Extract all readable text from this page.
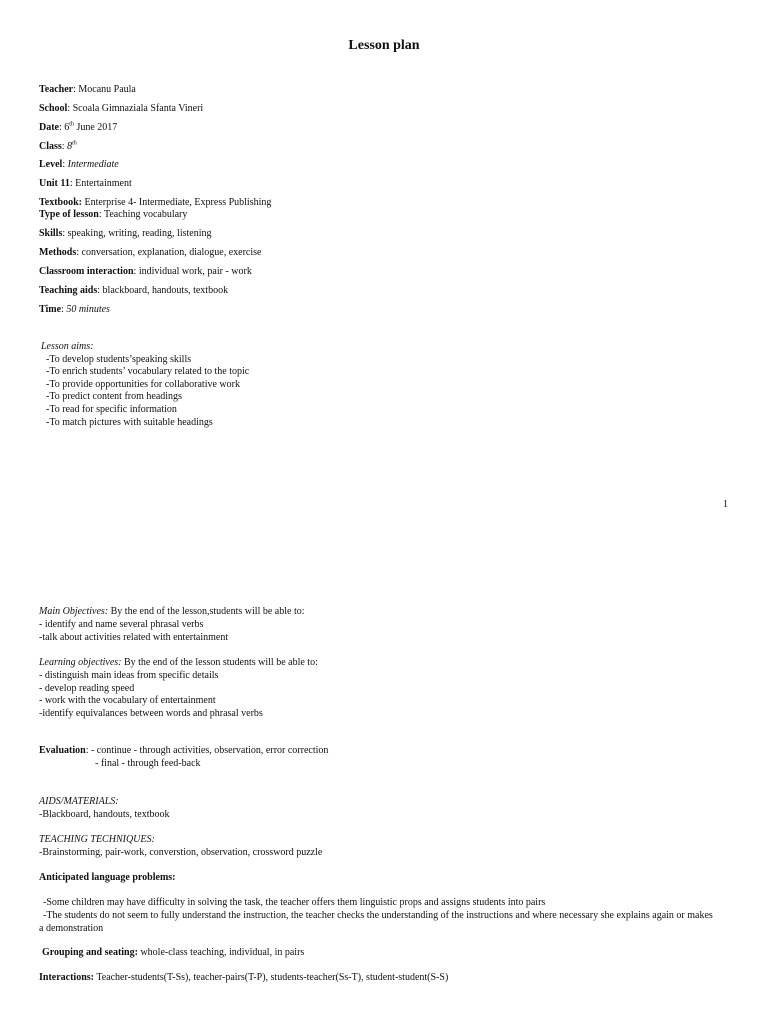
Lesson plan
Teacher: Mocanu Paula
School: Scoala Gimnaziala Sfanta Vineri
Date: 6th June 2017
Class: 8th
Level: Intermediate
Unit 11: Entertainment
Textbook: Enterprise 4- Intermediate, Express Publishing
Type of lesson: Teaching vocabulary
Skills: speaking, writing, reading, listening
Methods: conversation, explanation, dialogue, exercise
Classroom interaction: individual work, pair - work
Teaching aids: blackboard, handouts, textbook
Time: 50 minutes
Lesson aims:
-To develop students’speaking skills
-To enrich students’ vocabulary related to the topic
-To provide opportunities for collaborative work
-To predict content from headings
-To read for specific information
-To match pictures with suitable headings
1
Main Objectives: By the end of the lesson,students will be able to:
- identify and name several phrasal verbs
-talk about activities related with entertainment
Learning objectives: By the end of the lesson students will be able to:
- distinguish main ideas from specific details
- develop reading speed
- work with the vocabulary of entertainment
-identify equivalances between words and phrasal verbs
Evaluation: - continue - through activities, observation, error correction
- final - through feed-back
AIDS/MATERIALS:
-Blackboard, handouts, textbook
TEACHING TECHNIQUES:
-Brainstorming, pair-work, converstion, observation, crossword puzzle
Anticipated language problems:
-Some children may have difficulty in solving the task, the teacher offers them linguistic props and assigns students into pairs
-The students do not seem to fully understand the instruction, the teacher checks the understanding of the instructions and where necessary she explains again or makes a demonstration
Grouping and seating: whole-class teaching, individual, in pairs
Interactions: Teacher-students(T-Ss), teacher-pairs(T-P), students-teacher(Ss-T), student-student(S-S)
